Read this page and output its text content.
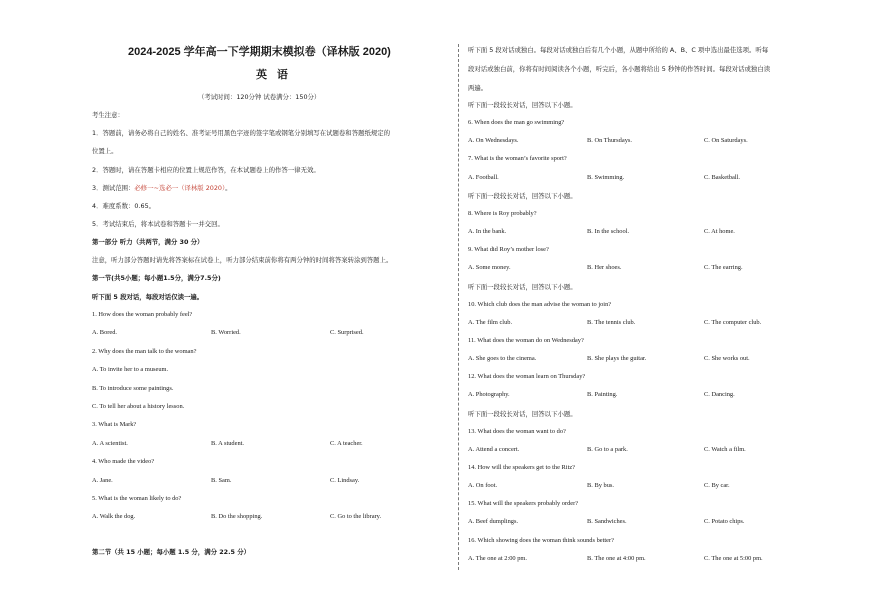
2024-2025 学年高一下学期期末模拟卷（译林版 2020)
英 语
（考试时间：120分钟 试卷满分：150分）
考生注意：
1．答题前，请务必将自己的姓名、准考证号用黑色字迹的签字笔或钢笔分别填写在试题卷和答题纸规定的
位置上。
2．答题时，请在答题卡相应的位置上规范作答，在本试题卷上的作答一律无效。
3．测试范围：必修一~选必一（译林版 2020）。
4．难度系数：0.65。
5．考试结束后，将本试卷和答题卡一并交回。
第一部分 听力（共两节，满分 30 分）
注意，听力部分答题时请先将答案标在试卷上，听力部分结束前你将有两分钟的时间将答案转涂到答题上。
第一节(共5小题；每小题1.5分，满分7.5分)
听下面 5 段对话，每段对话仅读一遍。
1. How does the woman probably feel?
A. Bored.	B. Worried.	C. Surprised.
2. Why does the man talk to the woman?
A. To invite her to a museum.
B. To introduce some paintings.
C. To tell her about a history lesson.
3. What is Mark?
A. A scientist.	B. A student.	C. A teacher.
4. Who made the video?
A. Jane.	B. Sam.	C. Lindsay.
5. What is the woman likely to do?
A. Walk the dog.	B. Do the shopping.	C. Go to the library.
第二节（共 15 小题；每小题 1.5 分，满分 22.5 分）
听下面 5 段对话或独白。每段对话或独白后有几个小题，从题中所给的 A、B、C 项中选出最佳选项。听每
段对话或独白前，你将有时间阅读各个小题，听完后，各小题将给出 5 秒钟的作答时间。每段对话或独白读
两遍。
听下面一段较长对话，回答以下小题。
6. When does the man go swimming?
A. On Wednesdays.	B. On Thursdays.	C. On Saturdays.
7. What is the woman’s favorite sport?
A. Football.	B. Swimming.	C. Basketball.
听下面一段较长对话，回答以下小题。
8. Where is Roy probably?
A. In the bank.	B. In the school.	C. At home.
9. What did Roy’s mother lose?
A. Some money.	B. Her shoes.	C. The earring.
听下面一段较长对话，回答以下小题。
10. Which club does the man advise the woman to join?
A. The film club.	B. The tennis club.	C. The computer club.
11. What does the woman do on Wednesday?
A. She goes to the cinema.	B. She plays the guitar.	C. She works out.
12. What does the woman learn on Thursday?
A. Photography.	B. Painting.	C. Dancing.
听下面一段较长对话，回答以下小题。
13. What does the woman want to do?
A. Attend a concert.	B. Go to a park.	C. Watch a film.
14. How will the speakers get to the Ritz?
A. On foot.	B. By bus.	C. By car.
15. What will the speakers probably order?
A. Beef dumplings.	B. Sandwiches.	C. Potato chips.
16. Which showing does the woman think sounds better?
A. The one at 2:00 pm.	B. The one at 4:00 pm.	C. The one at 5:00 pm.
